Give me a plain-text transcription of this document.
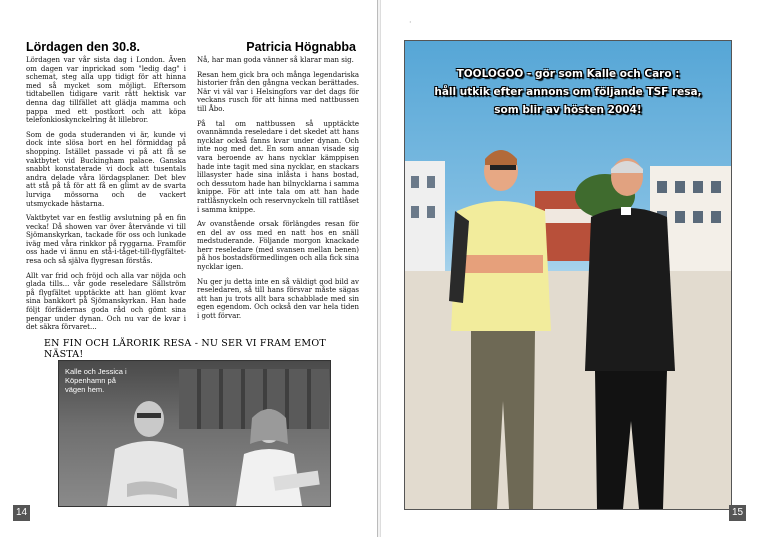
Lördagen den 30.8.	Patricia Högnabba

Lördagen var vår sista dag i London. Även om dagen var inprickad som "ledig dag" i schemat, steg alla upp tidigt för att hinna med så mycket som möjligt. Eftersom tidtabellen tidigare varit rätt hektisk var denna dag tillfället att glädja mamma och pappa med ett postkort och att köpa telefonkioskynckelring åt lillebror.

Som de goda studeranden vi är, kunde vi dock inte slösa bort en hel förmiddag på shopping. Istället passade vi på att få se vaktbytet vid Buckingham palace. Ganska snabbt konstaterade vi dock att tusentals andra delade våra lördagsplaner. Det blev att stå på tå för att få en glimt av de svarta lurviga mössorna och de vackert utsmyckade hästarna.

Vaktbytet var en festlig avslutning på en fin vecka! Då showen var över återvände vi till Sjömanskyrkan, tackade för oss och lunkade iväg med våra rinkkor på ryggarna. Framför oss hade vi ännu en stå-i-tåget-till-flygfältet-resa och så själva flygresan förstås.

Allt var frid och fröjd och alla var nöjda och glada tills... vår gode reseledare Sällström på flygfältet upptäckte att han glömt kvar sina bankkort på Sjömanskyrkan. Han hade följt förfädernas goda råd och gömt sina pengar under dynan. Och nu var de kvar i det säkra förvaret...

Nå, har man goda vänner så klarar man sig.

Resan hem gick bra och många legendariska historier från den gångna veckan berättades. När vi väl var i Helsingfors var det dags för veckans rusch för att hinna med nattbussen till Åbo.

På tal om nattbussen så upptäckte ovannämnda reseledare i det skedet att hans nycklar också fanns kvar under dynan. Och inte nog med det. En som annan visade sig vara beroende av hans nycklar kämppisen hade inte tagit med sina nycklar, en stackars lillasyster hade sina inlåsta i hans bostad, och dessutom hade han bilnycklarna i samma knippe. För att inte tala om att han hade rattlåsnyckeln och reservnyckeln till rattlåset i samma knippe.

Av ovanstående orsak förlängdes resan för en del av oss med en natt hos en snäll medstuderande. Följande morgon knackade herr reseledare (med svansen mellan benen) på hos bostadsförmedlingen och alla fick sina nycklar igen.

Nu ger ju detta inte en så väldigt god bild av reseledaren, så till hans försvar måste sägas att han ju trots allt bara schabblade med sin egen egendom. Och också den var hela tiden i gott förvar.

EN FIN OCH LÄRORIK RESA - NU SER VI FRAM EMOT NÄSTA!
Kalle och Jessica i Köpenhamn på vägen hem.
14
·
TOOLOGOO - gör som Kalle och Caro :
håll utkik efter annons om följande TSF resa,
som blir av hösten 2004!
15
